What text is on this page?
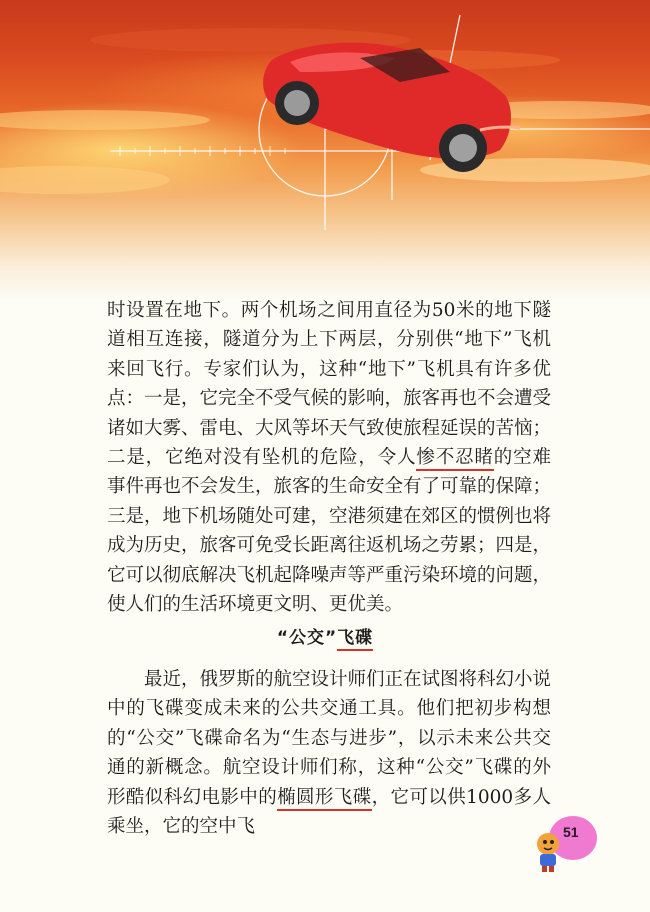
时设置在地下。两个机场之间用直径为50米的地下隧道相互连接，隧道分为上下两层，分别供“地下”飞机来回飞行。专家们认为，这种“地下”飞机具有许多优点：一是，它完全不受气候的影响，旅客再也不会遭受诸如大雾、雷电、大风等坏天气致使旅程延误的苦恼；二是，它绝对没有坠机的危险，令人惨不忍睹的空难事件再也不会发生，旅客的生命安全有了可靠的保障；三是，地下机场随处可建，空港须建在郊区的惯例也将成为历史，旅客可免受长距离往返机场之劳累；四是，它可以彻底解决飞机起降噪声等严重污染环境的问题，使人们的生活环境更文明、更优美。
“公交”飞碟
最近，俄罗斯的航空设计师们正在试图将科幻小说中的飞碟变成未来的公共交通工具。他们把初步构想的“公交”飞碟命名为“生态与进步”，以示未来公共交通的新概念。航空设计师们称，这种“公交”飞碟的外形酷似科幻电影中的椭圆形飞碟，它可以供1000多人乘坐，它的空中飞	51
